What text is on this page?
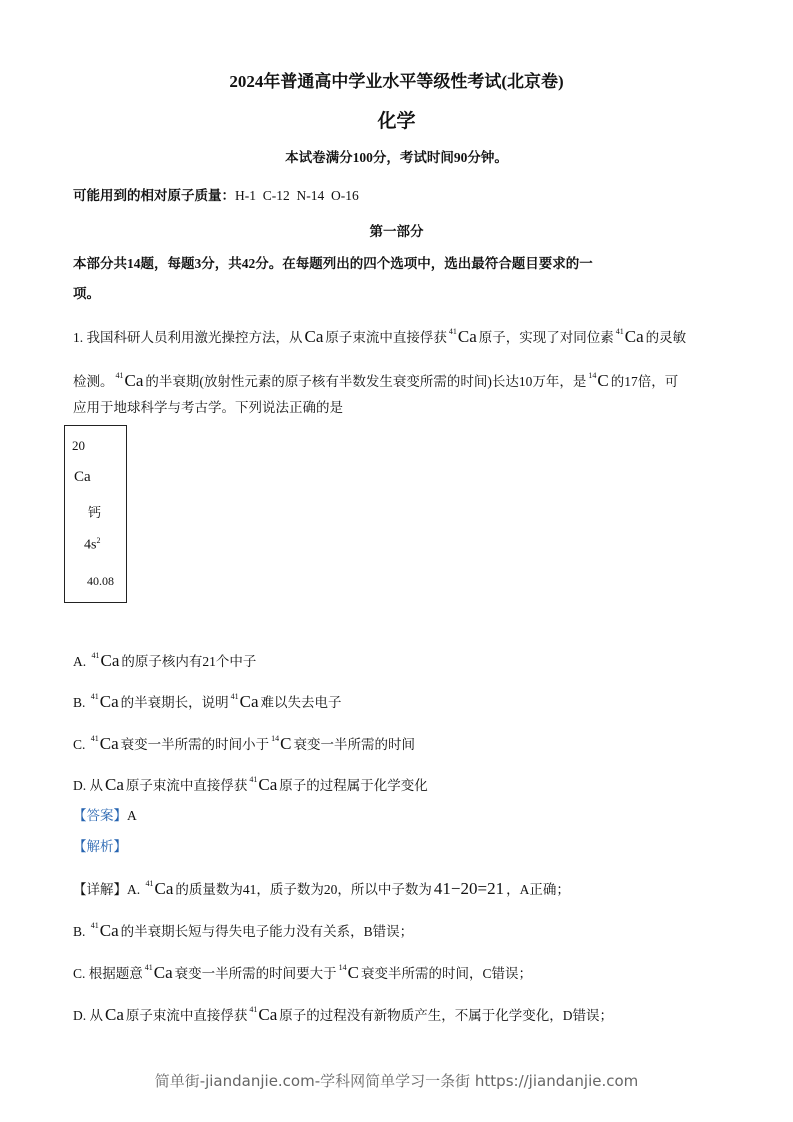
2024年普通高中学业水平等级性考试(北京卷)
化学
本试卷满分100分，考试时间90分钟。
可能用到的相对原子质量：H-1  C-12  N-14  O-16
第一部分
本部分共14题，每题3分，共42分。在每题列出的四个选项中，选出最符合题目要求的一
项。
1. 我国科研人员利用激光操控方法，从 Ca 原子束流中直接俘获 $^{41}$Ca 原子，实现了对同位素 $^{41}$Ca 的灵敏
检测。 $^{41}$Ca 的半衰期(放射性元素的原子核有半数发生衰变所需的时间)长达10万年，是 $^{14}$C 的17倍，可
应用于地球科学与考古学。下列说法正确的是
20
Ca
钙
$4s^2$
40.08
A. $^{41}$Ca 的原子核内有21个中子
B. $^{41}$Ca 的半衰期长，说明 $^{41}$Ca 难以失去电子
C. $^{41}$Ca 衰变一半所需的时间小于 $^{14}$C 衰变一半所需的时间
D. 从 Ca 原子束流中直接俘获 $^{41}$Ca 原子的过程属于化学变化
【答案】A
【解析】
【详解】A. $^{41}$Ca 的质量数为41，质子数为20，所以中子数为 41−20=21 ，A正确；
B. $^{41}$Ca 的半衰期长短与得失电子能力没有关系，B错误；
C. 根据题意 $^{41}$Ca 衰变一半所需的时间要大于 $^{14}$C 衰变半所需的时间，C错误；
D. 从 Ca 原子束流中直接俘获 $^{41}$Ca 原子的过程没有新物质产生，不属于化学变化，D错误；
简单街-jiandanjie.com-学科网简单学习一条街 https://jiandanjie.com
